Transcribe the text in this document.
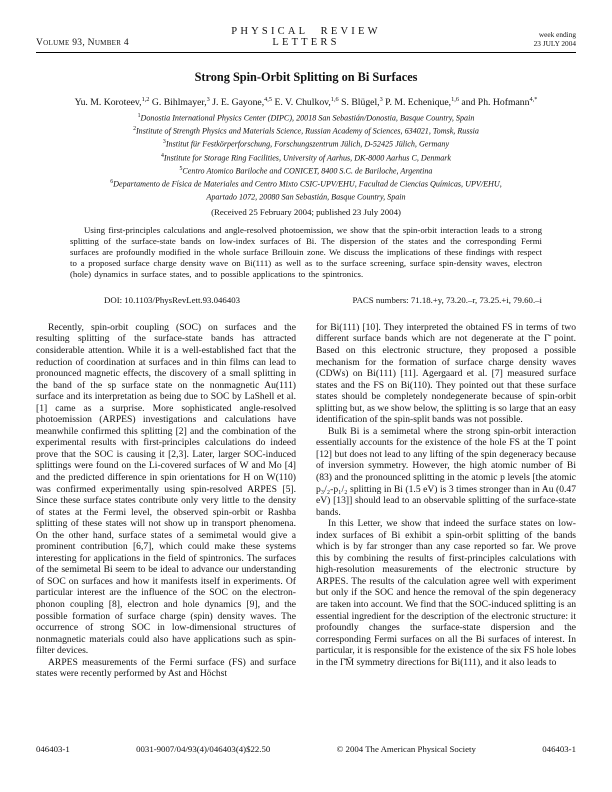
Volume 93, Number 4
PHYSICAL REVIEW LETTERS
week ending
23 JULY 2004
Strong Spin-Orbit Splitting on Bi Surfaces
Yu. M. Koroteev,$^{1,2}$ G. Bihlmayer,$^3$ J. E. Gayone,$^{4,5}$ E. V. Chulkov,$^{1,6}$ S. Blügel,$^3$ P. M. Echenique,$^{1,6}$ and Ph. Hofmann$^{4,*}$
$^1$Donostia International Physics Center (DIPC), 20018 San Sebastián/Donostia, Basque Country, Spain
$^2$Institute of Strength Physics and Materials Science, Russian Academy of Sciences, 634021, Tomsk, Russia
$^3$Institut für Festkörperforschung, Forschungszentrum Jülich, D-52425 Jülich, Germany
$^4$Institute for Storage Ring Facilities, University of Aarhus, DK-8000 Aarhus C, Denmark
$^5$Centro Atomico Bariloche and CONICET, 8400 S.C. de Bariloche, Argentina
$^6$Departamento de Física de Materiales and Centro Mixto CSIC-UPV/EHU, Facultad de Ciencias Químicas, UPV/EHU,
Apartado 1072, 20080 San Sebastián, Basque Country, Spain
(Received 25 February 2004; published 23 July 2004)
Using first-principles calculations and angle-resolved photoemission, we show that the spin-orbit interaction leads to a strong splitting of the surface-state bands on low-index surfaces of Bi. The dispersion of the states and the corresponding Fermi surfaces are profoundly modified in the whole surface Brillouin zone. We discuss the implications of these findings with respect to a proposed surface charge density wave on Bi(111) as well as to the surface screening, surface spin-density waves, electron (hole) dynamics in surface states, and to possible applications to the spintronics.
DOI: 10.1103/PhysRevLett.93.046403	PACS numbers: 71.18.+y, 73.20.–r, 73.25.+i, 79.60.–i

Recently, spin-orbit coupling (SOC) on surfaces and the resulting splitting of the surface-state bands has attracted considerable attention. While it is a well-established fact that the reduction of coordination at surfaces and in thin films can lead to pronounced magnetic effects, the discovery of a small splitting in the band of the sp surface state on the nonmagnetic Au(111) surface and its interpretation as being due to SOC by LaShell et al. [1] came as a surprise. More sophisticated angle-resolved photoemission (ARPES) investigations and calculations have meanwhile confirmed this splitting [2] and the combination of the experimental results with first-principles calculations do indeed prove that the SOC is causing it [2,3]. Later, larger SOC-induced splittings were found on the Li-covered surfaces of W and Mo [4] and the predicted difference in spin orientations for H on W(110) was confirmed experimentally using spin-resolved ARPES [5]. Since these surface states contribute only very little to the density of states at the Fermi level, the observed spin-orbit or Rashba splitting of these states will not show up in transport phenomena. On the other hand, surface states of a semimetal would give a prominent contribution [6,7], which could make these systems interesting for applications in the field of spintronics. The surfaces of the semimetal Bi seem to be ideal to advance our understanding of SOC on surfaces and how it manifests itself in experiments. Of particular interest are the influence of the SOC on the electron-phonon coupling [8], electron and hole dynamics [9], and the possible formation of surface charge (spin) density waves. The occurrence of strong SOC in low-dimensional structures of nonmagnetic materials could also have applications such as spin-filter devices.

ARPES measurements of the Fermi surface (FS) and surface states were recently performed by Ast and Höchst

for Bi(111) [10]. They interpreted the obtained FS in terms of two different surface bands which are not degenerate at the Γ̄ point. Based on this electronic structure, they proposed a possible mechanism for the formation of surface charge density waves (CDWs) on Bi(111) [11]. Agergaard et al. [7] measured surface states and the FS on Bi(110). They pointed out that these surface states should be completely nondegenerate because of spin-orbit splitting but, as we show below, the splitting is so large that an easy identification of the spin-split bands was not possible.

Bulk Bi is a semimetal where the strong spin-orbit interaction essentially accounts for the existence of the hole FS at the T point [12] but does not lead to any lifting of the spin degeneracy because of inversion symmetry. However, the high atomic number of Bi (83) and the pronounced splitting in the atomic p levels [the atomic p₃/₂-p₁/₂ splitting in Bi (1.5 eV) is 3 times stronger than in Au (0.47 eV) [13]] should lead to an observable splitting of the surface-state bands.

In this Letter, we show that indeed the surface states on low-index surfaces of Bi exhibit a spin-orbit splitting of the bands which is by far stronger than any case reported so far. We prove this by combining the results of first-principles calculations with high-resolution measurements of the electronic structure by ARPES. The results of the calculation agree well with experiment but only if the SOC and hence the removal of the spin degeneracy are taken into account. We find that the SOC-induced splitting is an essential ingredient for the description of the electronic structure: it profoundly changes the surface-state dispersion and the corresponding Fermi surfaces on all the Bi surfaces of interest. In particular, it is responsible for the existence of the six FS hole lobes in the Γ̄M̄ symmetry directions for Bi(111), and it also leads to

046403-1	0031-9007/04/93(4)/046403(4)$22.50	© 2004 The American Physical Society	046403-1
